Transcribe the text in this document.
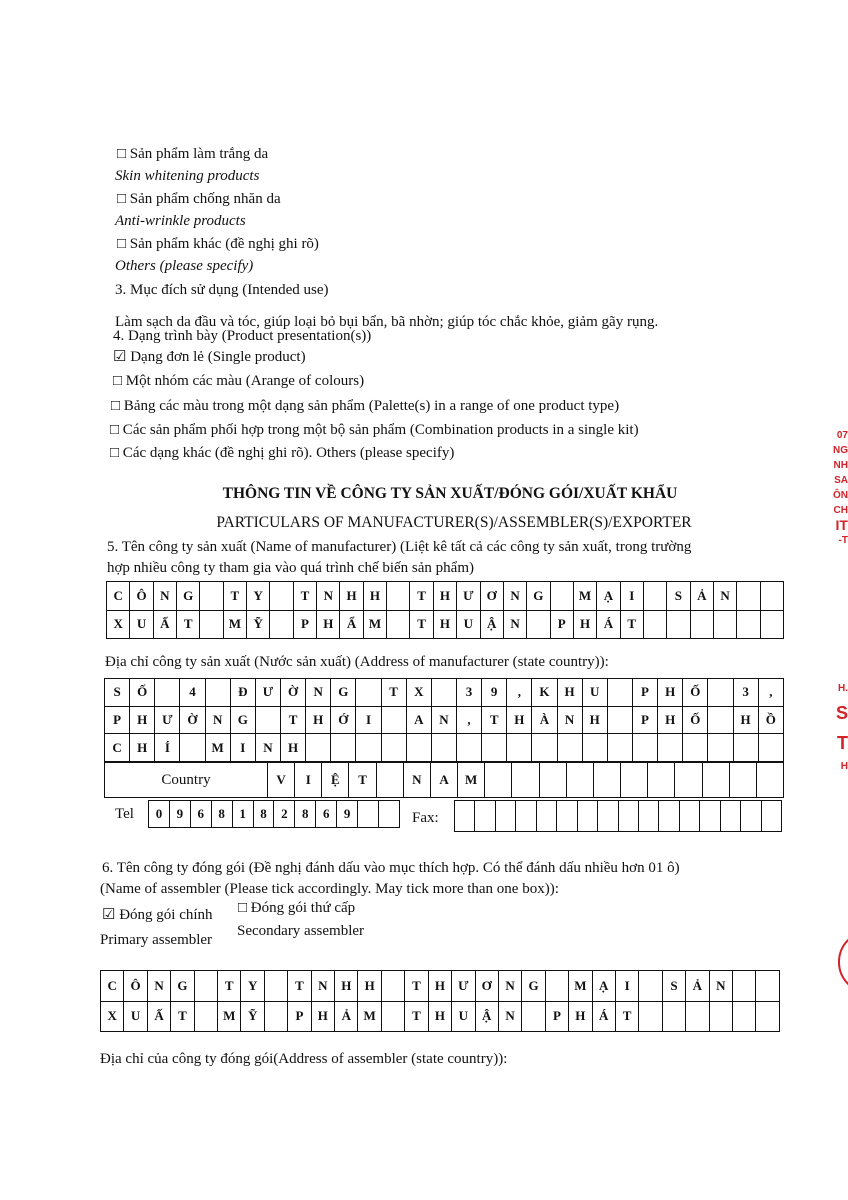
□ Sản phẩm làm trắng da
Skin whitening products
□ Sản phẩm chống nhăn da
Anti-wrinkle products
□ Sản phẩm khác (đề nghị ghi rõ)
Others (please specify)
3. Mục đích sử dụng (Intended use)
Làm sạch da đầu và tóc, giúp loại bỏ bụi bẩn, bã nhờn; giúp tóc chắc khỏe, giảm gãy rụng.
4. Dạng trình bày (Product presentation(s))
☑ Dạng đơn lẻ (Single product)
□ Một nhóm các màu (Arange of colours)
□ Bảng các màu trong một dạng sản phẩm (Palette(s) in a range of one product type)
□ Các sản phẩm phối hợp trong một bộ sản phẩm (Combination products in a single kit)
□ Các dạng khác (đề nghị ghi rõ). Others (please specify)
THÔNG TIN VỀ CÔNG TY SẢN XUẤT/ĐÓNG GÓI/XUẤT KHẨU
PARTICULARS OF MANUFACTURER(S)/ASSEMBLER(S)/EXPORTER
5. Tên công ty sản xuất (Name of manufacturer) (Liệt kê tất cả các công ty sản xuất, trong trường
hợp nhiều công ty tham gia vào quá trình chế biến sản phẩm)
C	Ô	N	G		T	Y		T	N	H	H		T	H	Ư	Ơ	N	G		M	Ạ	I		S	Ả	N		
X	U	Ấ	T		M	Ỹ		P	H	Ẩ	M		T	H	U	Ậ	N		P	H	Á	T						
Địa chỉ công ty sản xuất (Nước sản xuất) (Address of manufacturer (state country)):
S	Ố		4		Đ	Ư	Ờ	N	G		T	X		3	9	,	K	H	U		P	H	Ố		3	,
P	H	Ư	Ờ	N	G		T	H	Ớ	I		A	N	,	T	H	À	N	H		P	H	Ố		H	Ồ
C	H	Í		M	I	N	H																			
Country	V	I	Ệ	T		N	A	M											
Tel 0	9	6	8	1	8	2	8	6	9			Fax:

6. Tên công ty đóng gói (Đề nghị đánh dấu vào mục thích hợp. Có thể đánh dấu nhiều hơn 01 ô)
(Name of assembler (Please tick accordingly. May tick more than one box)):
☑ Đóng gói chính
Primary assembler
□ Đóng gói thứ cấp
Secondary assembler
C	Ô	N	G		T	Y		T	N	H	H		T	H	Ư	Ơ	N	G		M	Ạ	I		S	Ả	N		
X	U	Ấ	T		M	Ỹ		P	H	Ả	M		T	H	U	Ậ	N		P	H	Á	T						
Địa chỉ của công ty đóng gói(Address of assembler (state country)):
07
NG
NH
SA
ÔN
CH
IT
-T
H.
S
T
H
